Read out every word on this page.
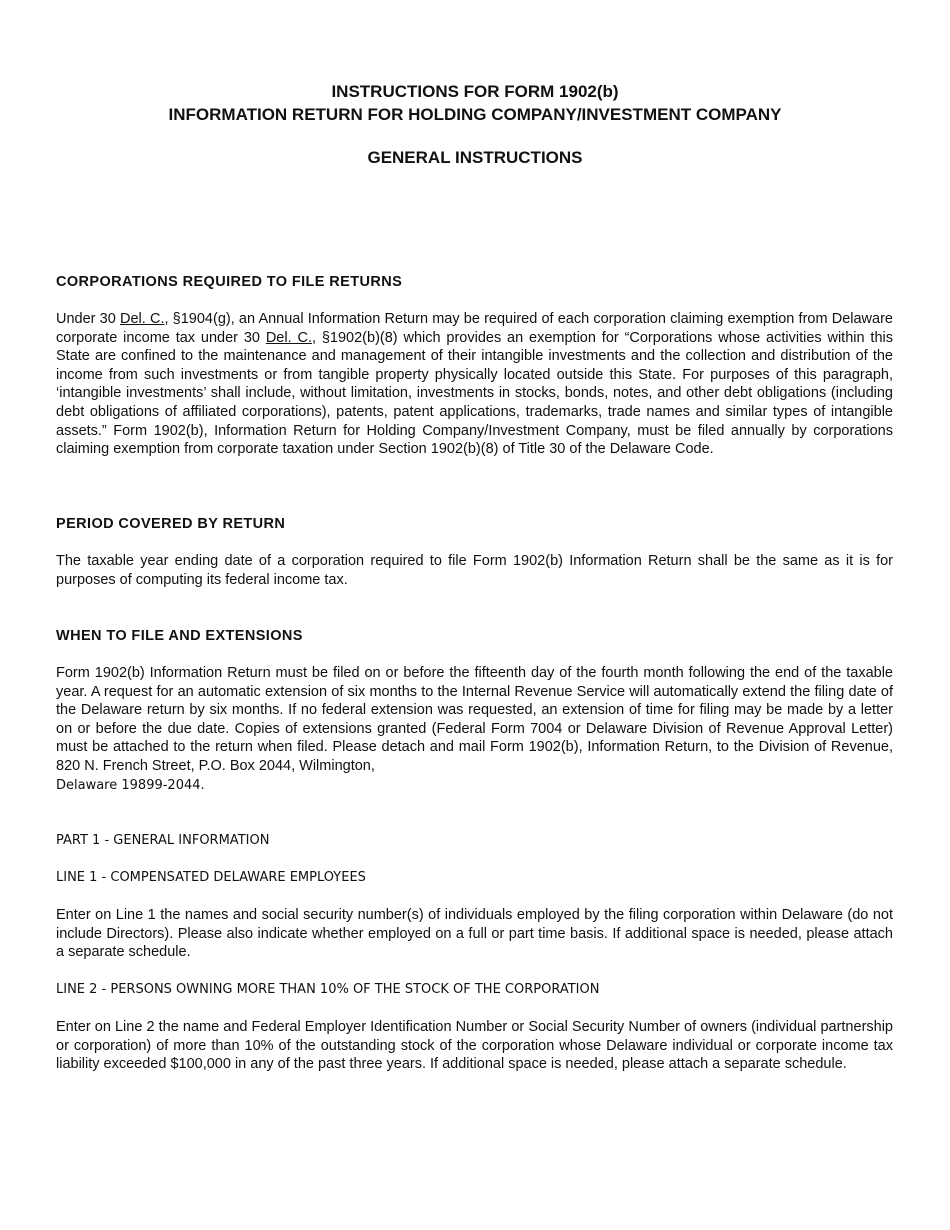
INSTRUCTIONS FOR FORM 1902(b)

INFORMATION RETURN FOR HOLDING COMPANY/INVESTMENT COMPANY

GENERAL INSTRUCTIONS

CORPORATIONS REQUIRED TO FILE RETURNS

Under 30 Del. C., §1904(g), an Annual Information Return may be required of each corporation claiming exemption from Delaware corporate income tax under 30 Del. C., §1902(b)(8) which provides an exemption for “Corporations whose activities within this State are confined to the maintenance and management of their intangible investments and the collection and distribution of the income from such investments or from tangible property physically located outside this State. For purposes of this paragraph, ‘intangible investments’ shall include, without limitation, investments in stocks, bonds, notes, and other debt obligations (including debt obligations of affiliated corporations), patents, patent applications, trademarks, trade names and similar types of intangible assets.” Form 1902(b), Information Return for Holding Company/Investment Company, must be filed annually by corporations claiming exemption from corporate taxation under Section 1902(b)(8) of Title 30 of the Delaware Code.

PERIOD COVERED BY RETURN

The taxable year ending date of a corporation required to file Form 1902(b) Information Return shall be the same as it is for purposes of computing its federal income tax.

WHEN TO FILE AND EXTENSIONS

Form 1902(b) Information Return must be filed on or before the fifteenth day of the fourth month following the end of the taxable year. A request for an automatic extension of six months to the Internal Revenue Service will automatically extend the filing date of the Delaware return by six months. If no federal extension was requested, an extension of time for filing may be made by a letter on or before the due date. Copies of extensions granted (Federal Form 7004 or Delaware Division of Revenue Approval Letter) must be attached to the return when filed. Please detach and mail Form 1902(b), Information Return, to the Division of Revenue, 820 N. French Street, P.O. Box 2044, Wilmington,
Delaware 19899-2044.

PART 1 - GENERAL INFORMATION

LINE 1 - COMPENSATED DELAWARE EMPLOYEES

Enter on Line 1 the names and social security number(s) of individuals employed by the filing corporation within Delaware (do not include Directors). Please also indicate whether employed on a full or part time basis. If additional space is needed, please attach a separate schedule.

LINE 2 - PERSONS OWNING MORE THAN 10% OF THE STOCK OF THE CORPORATION

Enter on Line 2 the name and Federal Employer Identification Number or Social Security Number of owners (individual partnership or corporation) of more than 10% of the outstanding stock of the corporation whose Delaware individual or corporate income tax liability exceeded $100,000 in any of the past three years. If additional space is needed, please attach a separate schedule.
